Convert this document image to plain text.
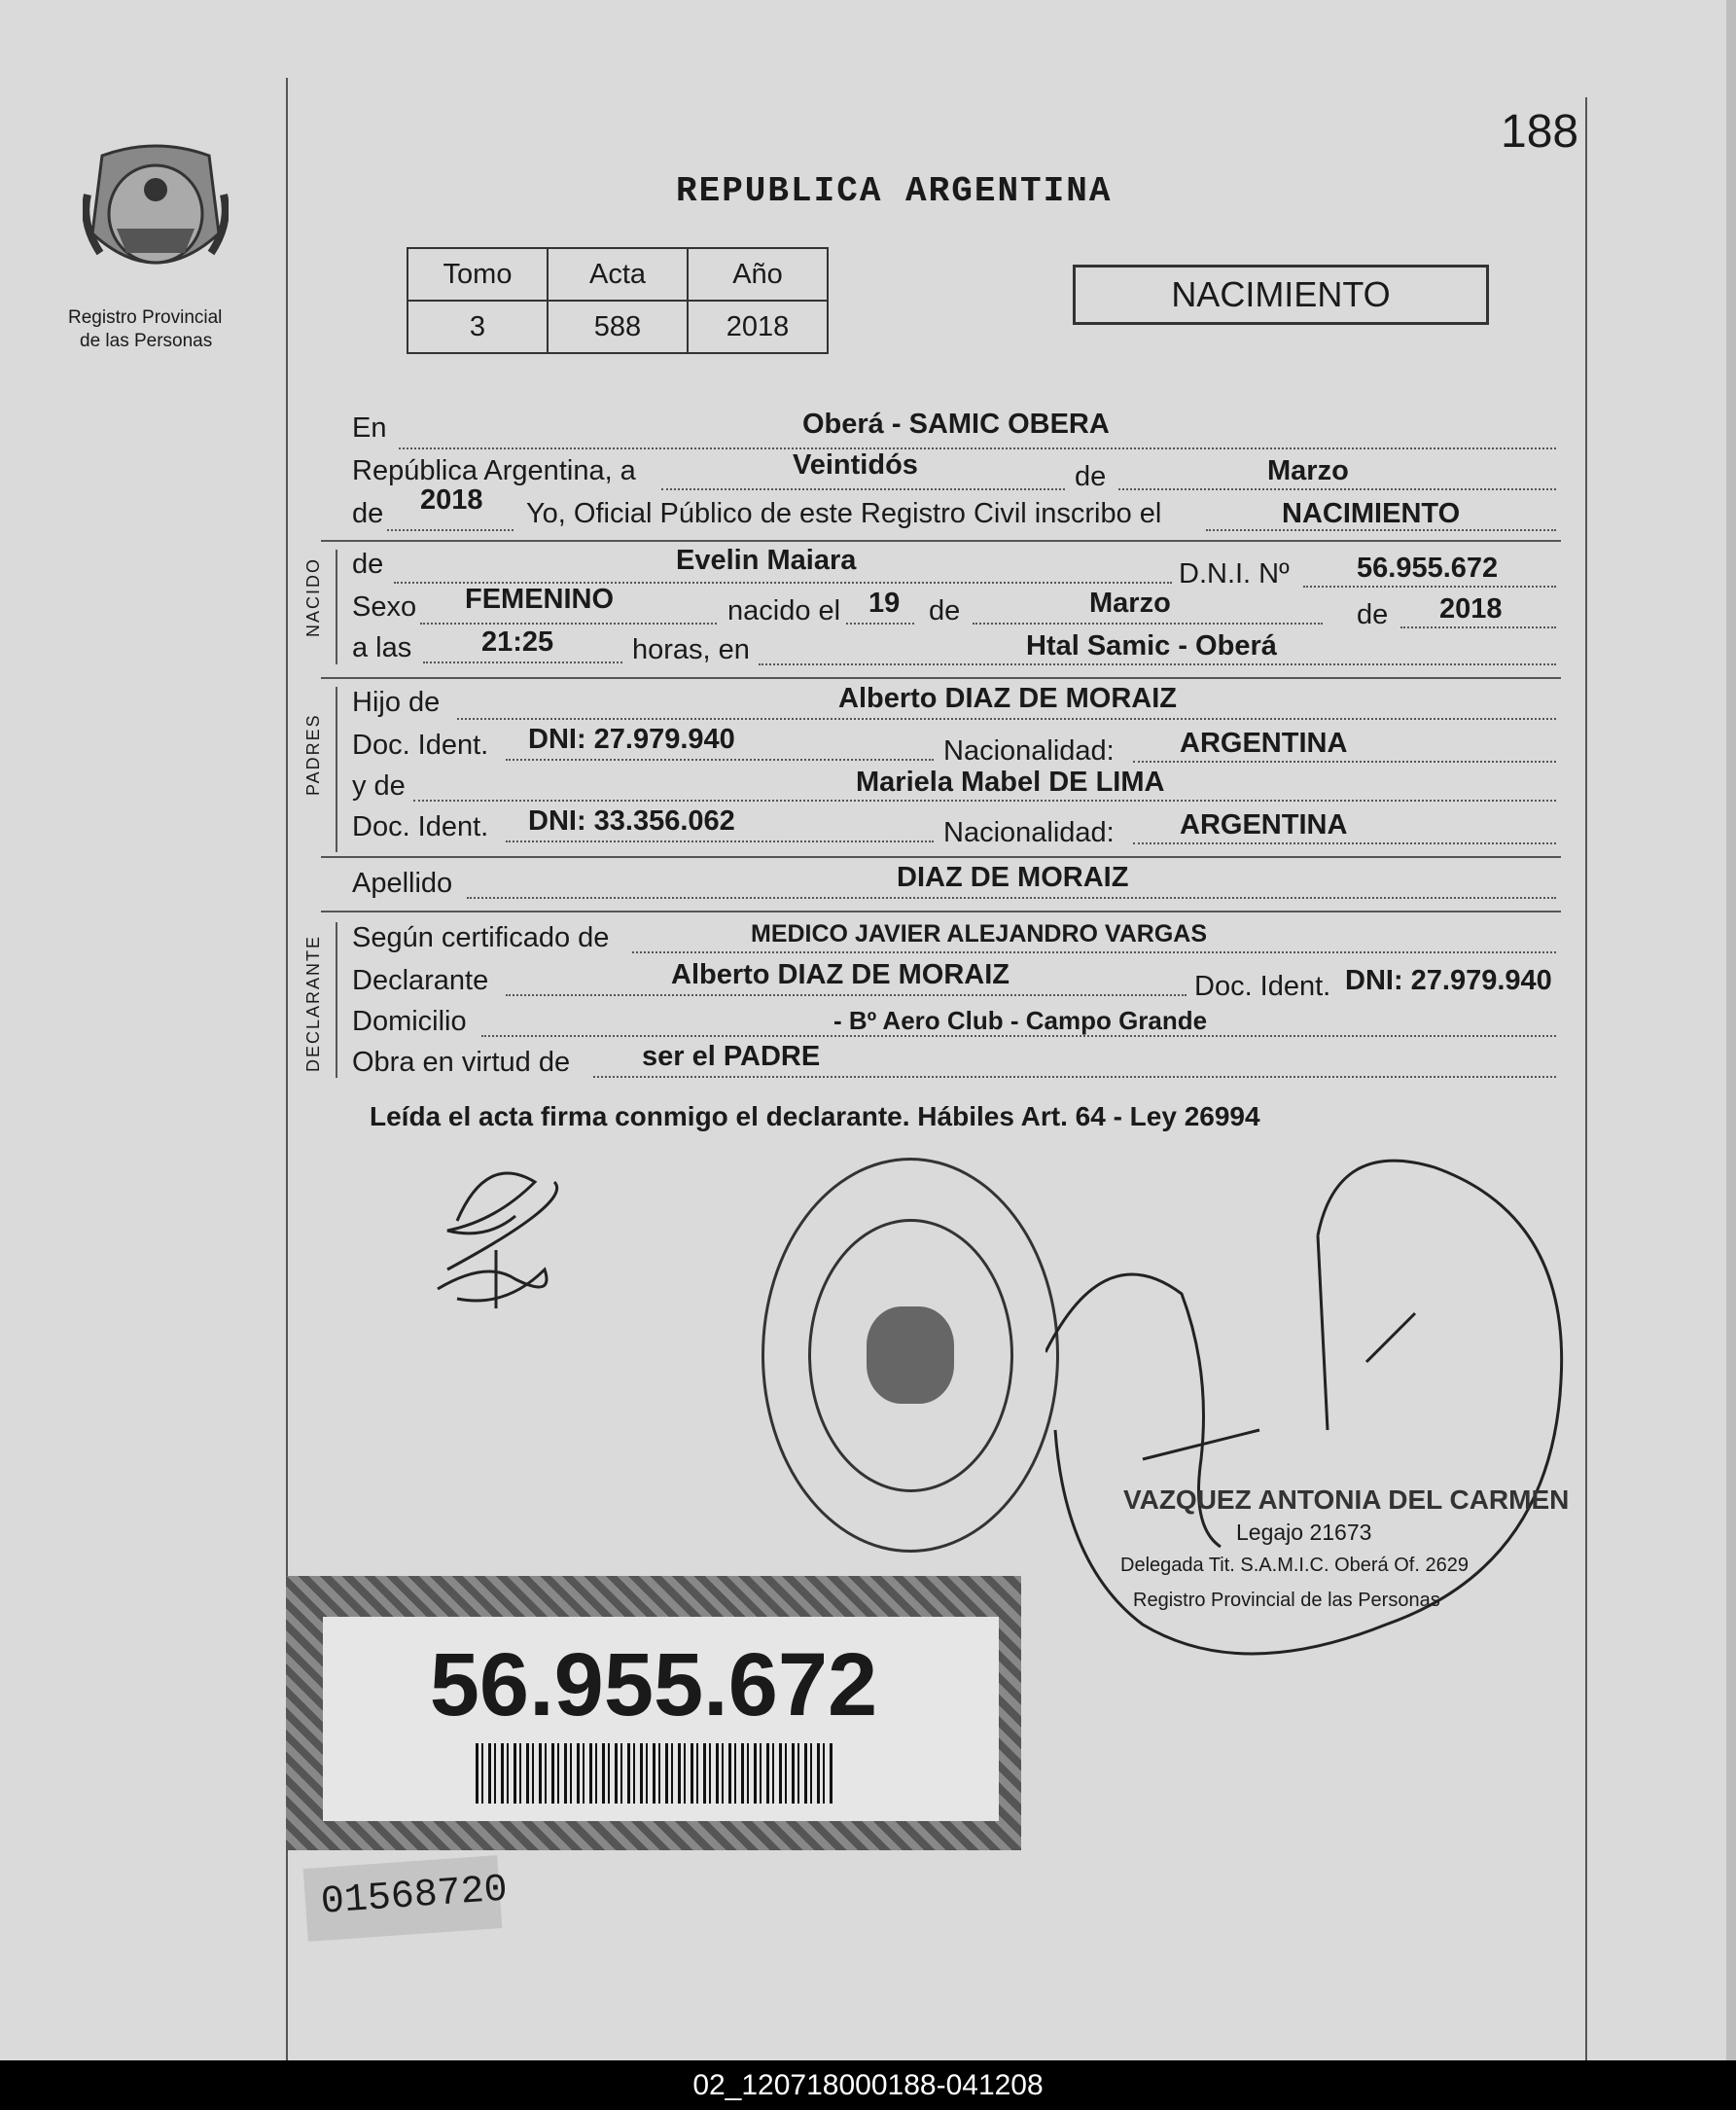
Registro Provincial
de las Personas
188
REPUBLICA ARGENTINA
Tomo	Acta	Año
3	588	2018
NACIMIENTO
En	Oberá - SAMIC OBERA
República Argentina, a	Veintidós	de	Marzo
de 2018 Yo, Oficial Público de este Registro Civil inscribo el	NACIMIENTO
NACIDO de	Evelin Maiara	D.N.I. Nº 56.955.672
Sexo FEMENINO	nacido el 19 de	Marzo	de 2018
a las 21:25	horas, en	Htal Samic - Oberá
PADRES
Hijo de	Alberto DIAZ DE MORAIZ
Doc. Ident. DNI: 27.979.940	Nacionalidad: ARGENTINA
y de	Mariela Mabel DE LIMA
Doc. Ident. DNI: 33.356.062	Nacionalidad: ARGENTINA
Apellido	DIAZ DE MORAIZ
DECLARANTE Según certificado de	MEDICO JAVIER ALEJANDRO VARGAS
Declarante	Alberto DIAZ DE MORAIZ	Doc. Ident. DNI: 27.979.940
Domicilio	- Bº Aero Club - Campo Grande
Obra en virtud de	ser el PADRE
Leída el acta firma conmigo el declarante. Hábiles Art. 64 - Ley 26994
VAZQUEZ ANTONIA DEL CARMEN
Legajo 21673
Delegada Tit. S.A.M.I.C. Oberá Of. 2629
Registro Provincial de las Personas
56.955.672
01568720
02_120718000188-041208
